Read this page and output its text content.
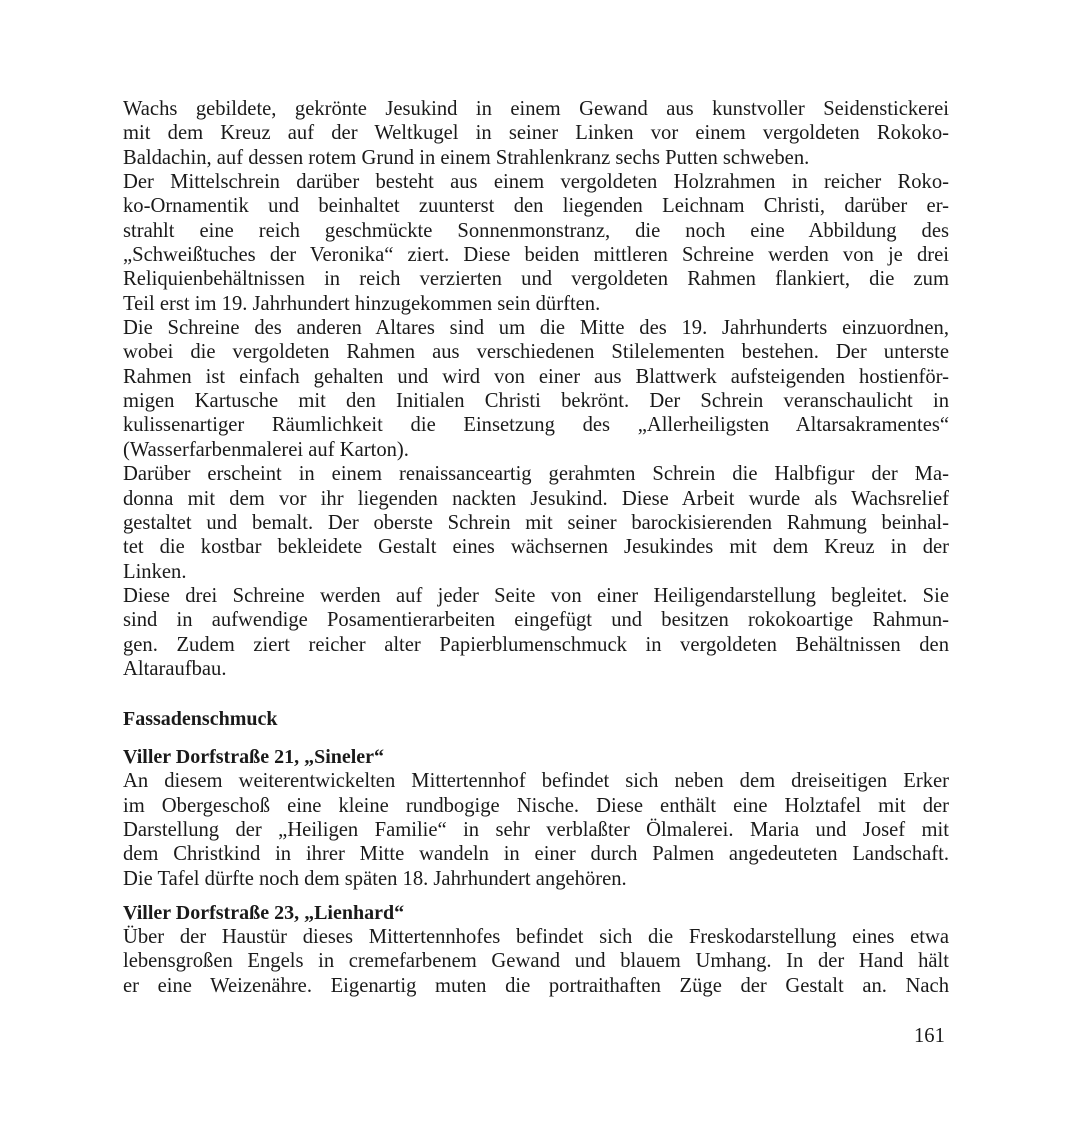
Wachs gebildete, gekrönte Jesukind in einem Gewand aus kunstvoller Seidenstickerei
mit dem Kreuz auf der Weltkugel in seiner Linken vor einem vergoldeten Rokoko-
Baldachin, auf dessen rotem Grund in einem Strahlenkranz sechs Putten schweben.
Der Mittelschrein darüber besteht aus einem vergoldeten Holzrahmen in reicher Roko-
ko-Ornamentik und beinhaltet zuunterst den liegenden Leichnam Christi, darüber er-
strahlt eine reich geschmückte Sonnenmonstranz, die noch eine Abbildung des
„Schweißtuches der Veronika“ ziert. Diese beiden mittleren Schreine werden von je drei
Reliquienbehältnissen in reich verzierten und vergoldeten Rahmen flankiert, die zum
Teil erst im 19. Jahrhundert hinzugekommen sein dürften.
Die Schreine des anderen Altares sind um die Mitte des 19. Jahrhunderts einzuordnen,
wobei die vergoldeten Rahmen aus verschiedenen Stilelementen bestehen. Der unterste
Rahmen ist einfach gehalten und wird von einer aus Blattwerk aufsteigenden hostienför-
migen Kartusche mit den Initialen Christi bekrönt. Der Schrein veranschaulicht in
kulissenartiger Räumlichkeit die Einsetzung des „Allerheiligsten Altarsakramentes“
(Wasserfarbenmalerei auf Karton).
Darüber erscheint in einem renaissanceartig gerahmten Schrein die Halbfigur der Ma-
donna mit dem vor ihr liegenden nackten Jesukind. Diese Arbeit wurde als Wachsrelief
gestaltet und bemalt. Der oberste Schrein mit seiner barockisierenden Rahmung beinhal-
tet die kostbar bekleidete Gestalt eines wächsernen Jesukindes mit dem Kreuz in der
Linken.
Diese drei Schreine werden auf jeder Seite von einer Heiligendarstellung begleitet. Sie
sind in aufwendige Posamentierarbeiten eingefügt und besitzen rokokoartige Rahmun-
gen. Zudem ziert reicher alter Papierblumenschmuck in vergoldeten Behältnissen den
Altaraufbau.
Fassadenschmuck
Viller Dorfstraße 21, „Sineler“
An diesem weiterentwickelten Mittertennhof befindet sich neben dem dreiseitigen Erker
im Obergeschoß eine kleine rundbogige Nische. Diese enthält eine Holztafel mit der
Darstellung der „Heiligen Familie“ in sehr verblaßter Ölmalerei. Maria und Josef mit
dem Christkind in ihrer Mitte wandeln in einer durch Palmen angedeuteten Landschaft.
Die Tafel dürfte noch dem späten 18. Jahrhundert angehören.
Viller Dorfstraße 23, „Lienhard“
Über der Haustür dieses Mittertennhofes befindet sich die Freskodarstellung eines etwa
lebensgroßen Engels in cremefarbenem Gewand und blauem Umhang. In der Hand hält
er eine Weizenähre. Eigenartig muten die portraithaften Züge der Gestalt an. Nach
161
